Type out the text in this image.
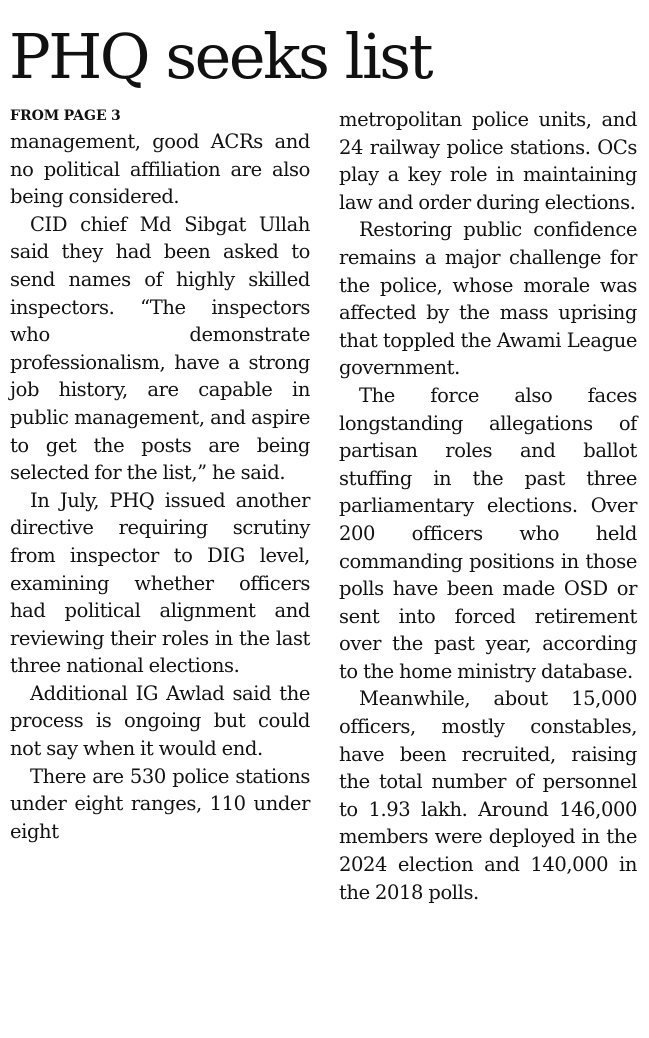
PHQ seeks list

FROM PAGE 3

management, good ACRs and no political affiliation are also being considered.

CID chief Md Sibgat Ullah said they had been asked to send names of highly skilled inspectors. “The inspectors who demonstrate professionalism, have a strong job history, are capable in public management, and aspire to get the posts are being selected for the list,” he said.

In July, PHQ issued another directive requiring scrutiny from inspector to DIG level, examining whether officers had political alignment and reviewing their roles in the last three national elections.

Additional IG Awlad said the process is ongoing but could not say when it would end.

There are 530 police stations under eight ranges, 110 under eight

metropolitan police units, and 24 railway police stations. OCs play a key role in maintaining law and order during elections.

Restoring public confidence remains a major challenge for the police, whose morale was affected by the mass uprising that toppled the Awami League government.

The force also faces longstanding allegations of partisan roles and ballot stuffing in the past three parliamentary elections. Over 200 officers who held commanding positions in those polls have been made OSD or sent into forced retirement over the past year, according to the home ministry database.

Meanwhile, about 15,000 officers, mostly constables, have been recruited, raising the total number of personnel to 1.93 lakh. Around 146,000 members were deployed in the 2024 election and 140,000 in the 2018 polls.
